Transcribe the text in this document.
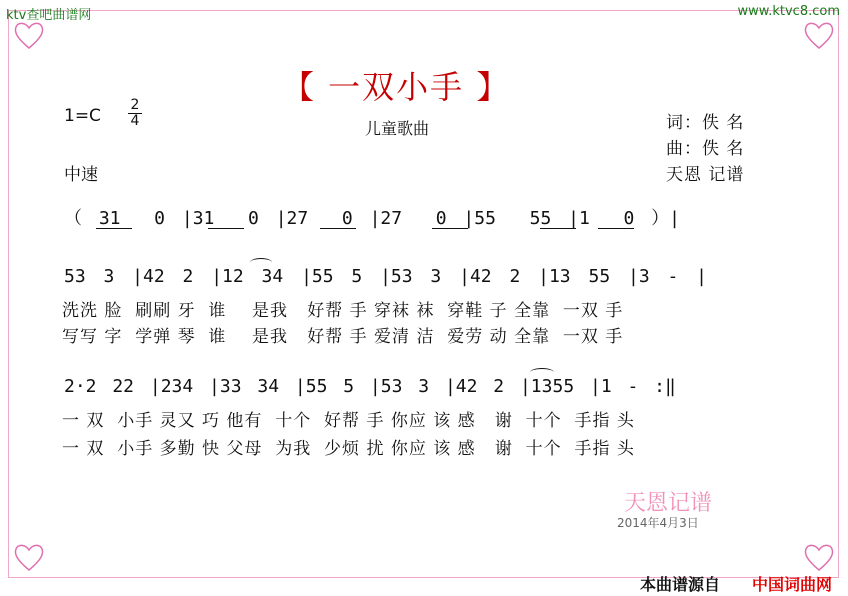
ktv查吧曲谱网	www.ktvc8.com
【 一双小手 】
儿童歌曲
1=C
2
4	词：佚 名
曲：佚 名
天恩 记谱
中速
（ 31  0 |31  0 |27  0 |27  0 |55  55 |1  0 ）|
53 3 |42 2 |12 34 |55 5 |53 3 |42 2 |13 55 |3 - |
洗洗 脸  刷刷 牙  谁    是我   好帮 手 穿袜 袜  穿鞋 子 全靠  一双 手
写写 字  学弹 琴  谁    是我   好帮 手 爱清 洁  爱劳 动 全靠  一双 手
2·2 22 |234 |33 34 |55 5 |53 3 |42 2 |1355 |1 - :‖
一 双  小手 灵又 巧 他有  十个  好帮 手 你应 该 感   谢  十个  手指 头
一 双  小手 多勤 快 父母  为我  少烦 扰 你应 该 感   谢  十个  手指 头
天恩记谱
2014年4月3日
本曲谱源自 中国词曲网
